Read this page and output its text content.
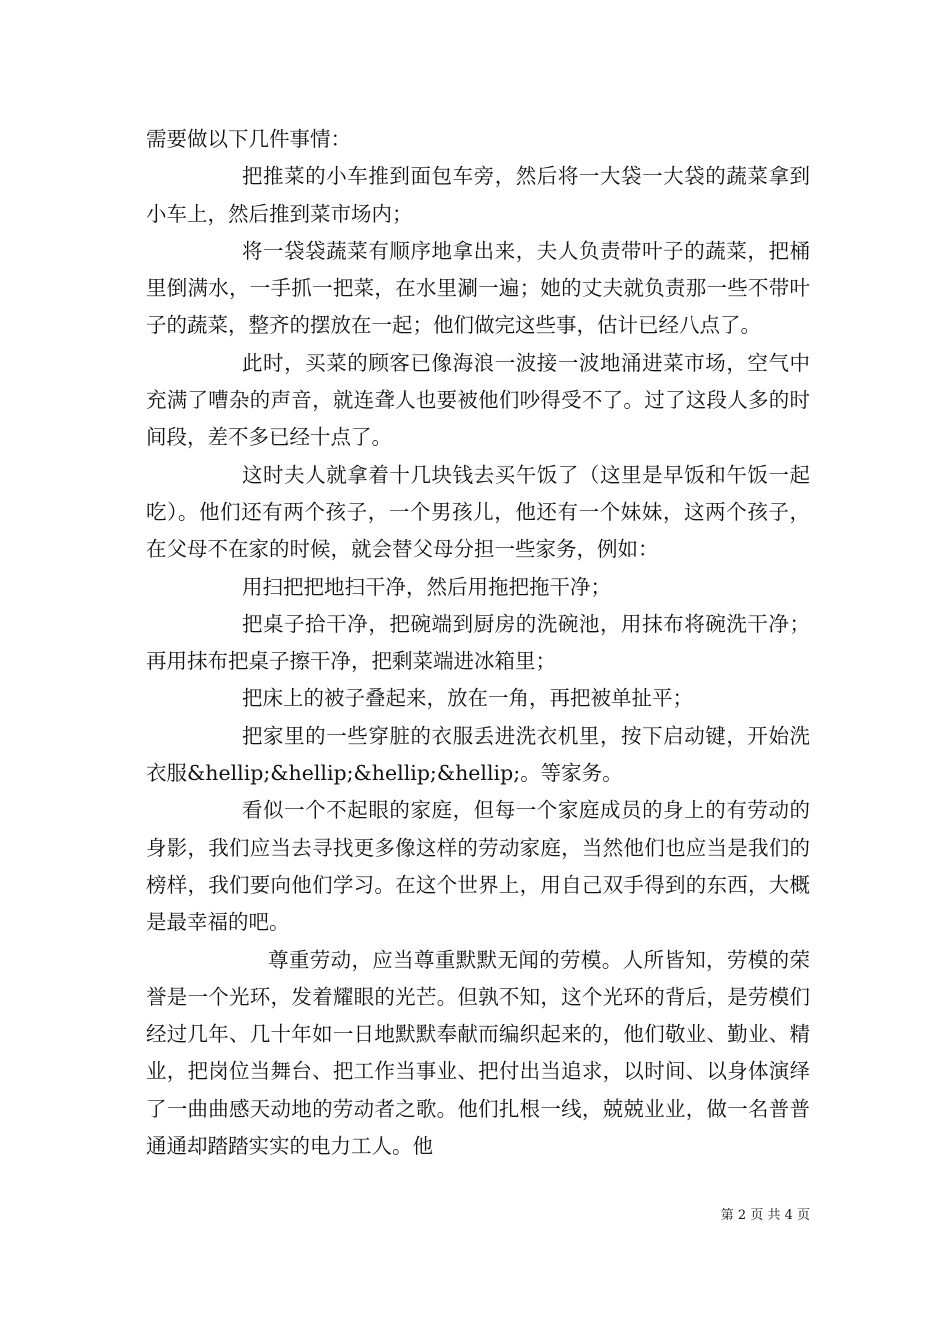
需要做以下几件事情：

把推菜的小车推到面包车旁，然后将一大袋一大袋的蔬菜拿到小车上，然后推到菜市场内；

将一袋袋蔬菜有顺序地拿出来，夫人负责带叶子的蔬菜，把桶里倒满水，一手抓一把菜，在水里涮一遍；她的丈夫就负责那一些不带叶子的蔬菜，整齐的摆放在一起；他们做完这些事，估计已经八点了。

此时，买菜的顾客已像海浪一波接一波地涌进菜市场，空气中充满了嘈杂的声音，就连聋人也要被他们吵得受不了。过了这段人多的时间段，差不多已经十点了。

这时夫人就拿着十几块钱去买午饭了（这里是早饭和午饭一起吃）。他们还有两个孩子，一个男孩儿，他还有一个妹妹，这两个孩子，在父母不在家的时候，就会替父母分担一些家务，例如：

用扫把把地扫干净，然后用拖把拖干净；

把桌子拾干净，把碗端到厨房的洗碗池，用抹布将碗洗干净；再用抹布把桌子擦干净，把剩菜端进冰箱里；

把床上的被子叠起来，放在一角，再把被单扯平；

把家里的一些穿脏的衣服丢进洗衣机里，按下启动键，开始洗衣服&hellip;&hellip;&hellip;&hellip;。等家务。

看似一个不起眼的家庭，但每一个家庭成员的身上的有劳动的身影，我们应当去寻找更多像这样的劳动家庭，当然他们也应当是我们的榜样，我们要向他们学习。在这个世界上，用自己双手得到的东西，大概是最幸福的吧。

尊重劳动，应当尊重默默无闻的劳模。人所皆知，劳模的荣誉是一个光环，发着耀眼的光芒。但孰不知，这个光环的背后，是劳模们经过几年、几十年如一日地默默奉献而编织起来的，他们敬业、勤业、精业，把岗位当舞台、把工作当事业、把付出当追求，以时间、以身体演绎了一曲曲感天动地的劳动者之歌。他们扎根一线，兢兢业业，做一名普普通通却踏踏实实的电力工人。他

第 2 页 共 4 页
